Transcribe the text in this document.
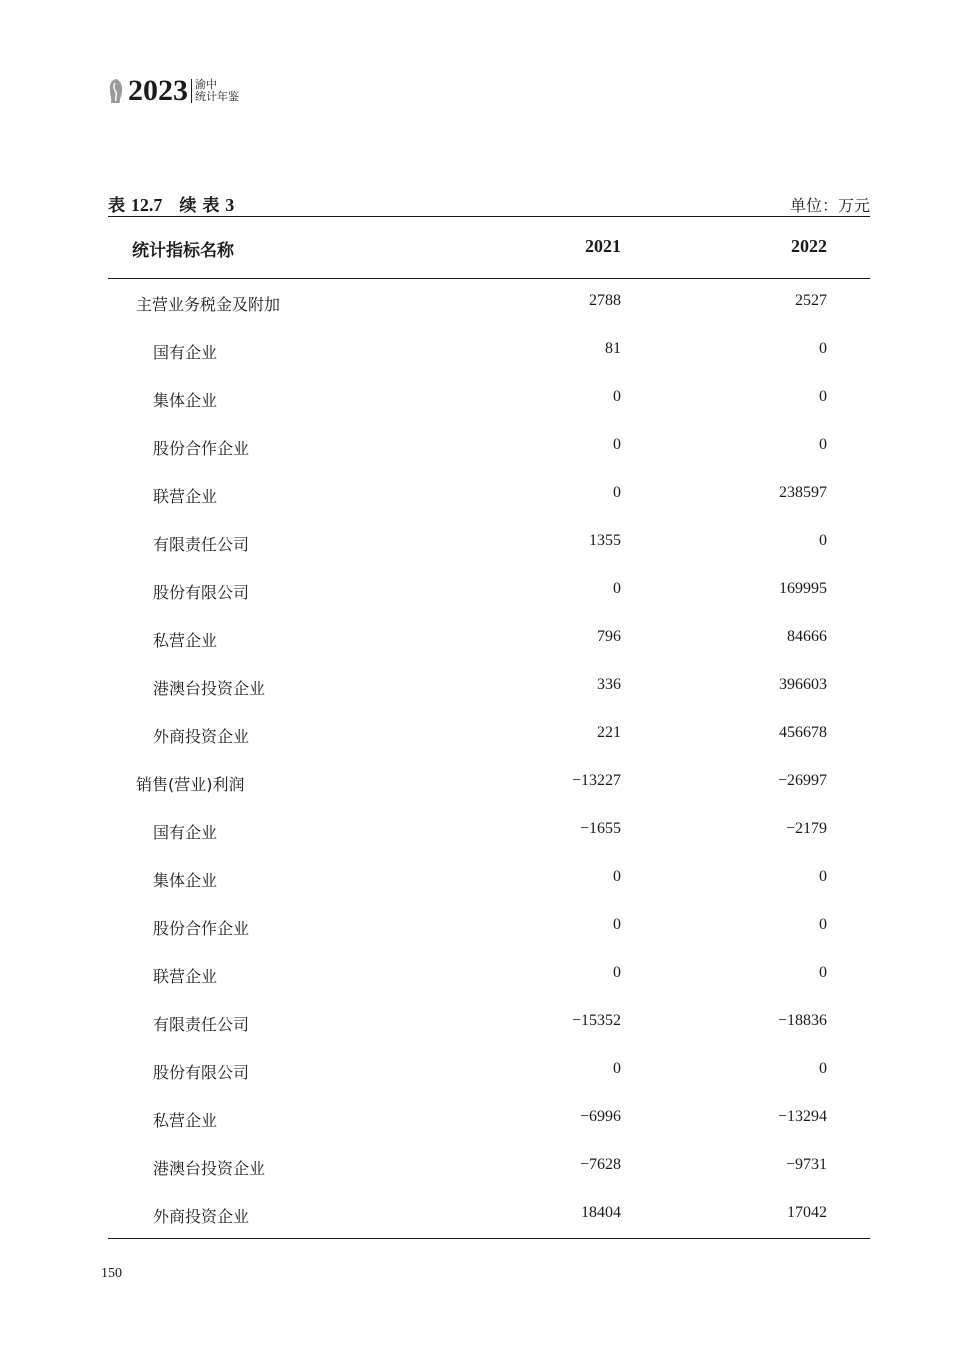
2023 渝中
统计年鉴
表 12.7　续 表 3	单位：万元
统计指标名称	2021	2022
主营业务税金及附加	2788	2527
国有企业	81	0
集体企业	0	0
股份合作企业	0	0
联营企业	0	238597
有限责任公司	1355	0
股份有限公司	0	169995
私营企业	796	84666
港澳台投资企业	336	396603
外商投资企业	221	456678
销售(营业)利润	−13227	−26997
国有企业	−1655	−2179
集体企业	0	0
股份合作企业	0	0
联营企业	0	0
有限责任公司	−15352	−18836
股份有限公司	0	0
私营企业	−6996	−13294
港澳台投资企业	−7628	−9731
外商投资企业	18404	17042
150
